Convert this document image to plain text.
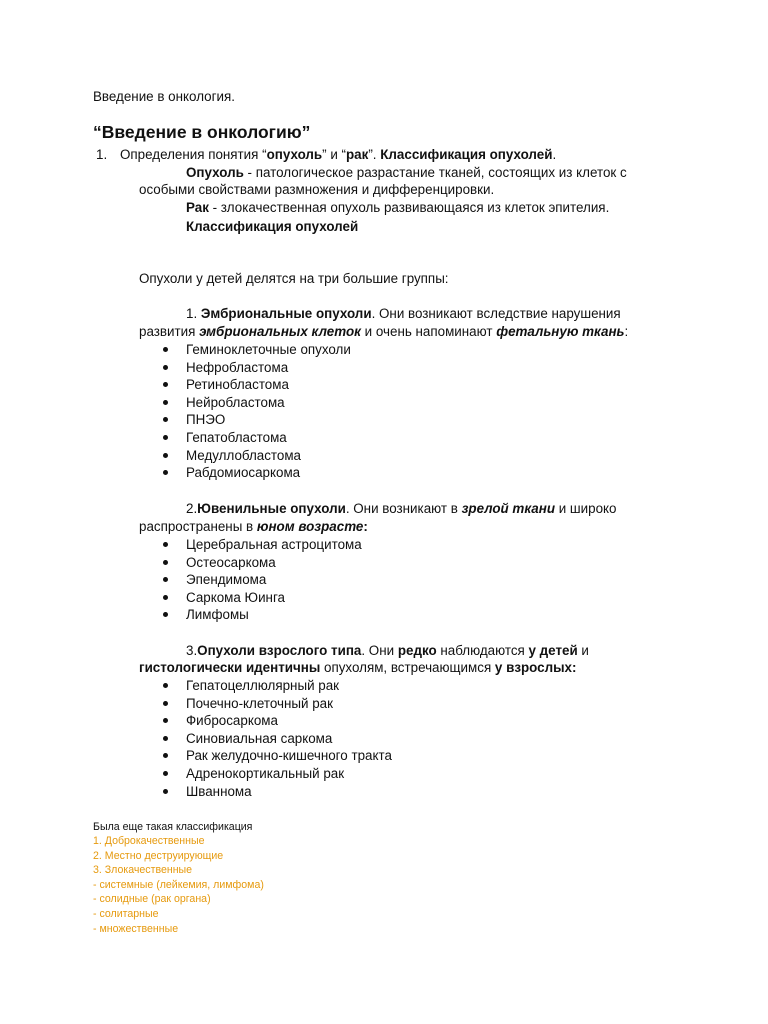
Введение в онкология.
“Введение в онкологию”
1. Определения понятия “опухоль” и “рак”. Классификация опухолей.
Опухоль - патологическое разрастание тканей, состоящих из клеток с
особыми свойствами размножения и дифференцировки.
Рак - злокачественная опухоль развивающаяся из клеток эпителия.
Классификация опухолей
Опухоли у детей делятся на три большие группы:
1. Эмбриональные опухоли. Они возникают вследствие нарушения
развития эмбриональных клеток и очень напоминают фетальную ткань:
Геминоклеточные опухоли
Нефробластома
Ретинобластома
Нейробластома
ПНЭО
Гепатобластома
Медуллобластома
Рабдомиосаркома
2.Ювенильные опухоли. Они возникают в зрелой ткани и широко
распространены в юном возрасте:
Церебральная астроцитома
Остеосаркома
Эпендимома
Саркома Юинга
Лимфомы
3.Опухоли взрослого типа. Они редко наблюдаются у детей и
гистологически идентичны опухолям, встречающимся у взрослых:
Гепатоцеллюлярный рак
Почечно-клеточный рак
Фибросаркома
Синовиальная саркома
Рак желудочно-кишечного тракта
Адренокортикальный рак
Шваннома
Была еще такая классификация
1. Доброкачественные
2. Местно деструирующие
3. Злокачественные
- системные (лейкемия, лимфома)
- солидные (рак органа)
- солитарные
- множественные
